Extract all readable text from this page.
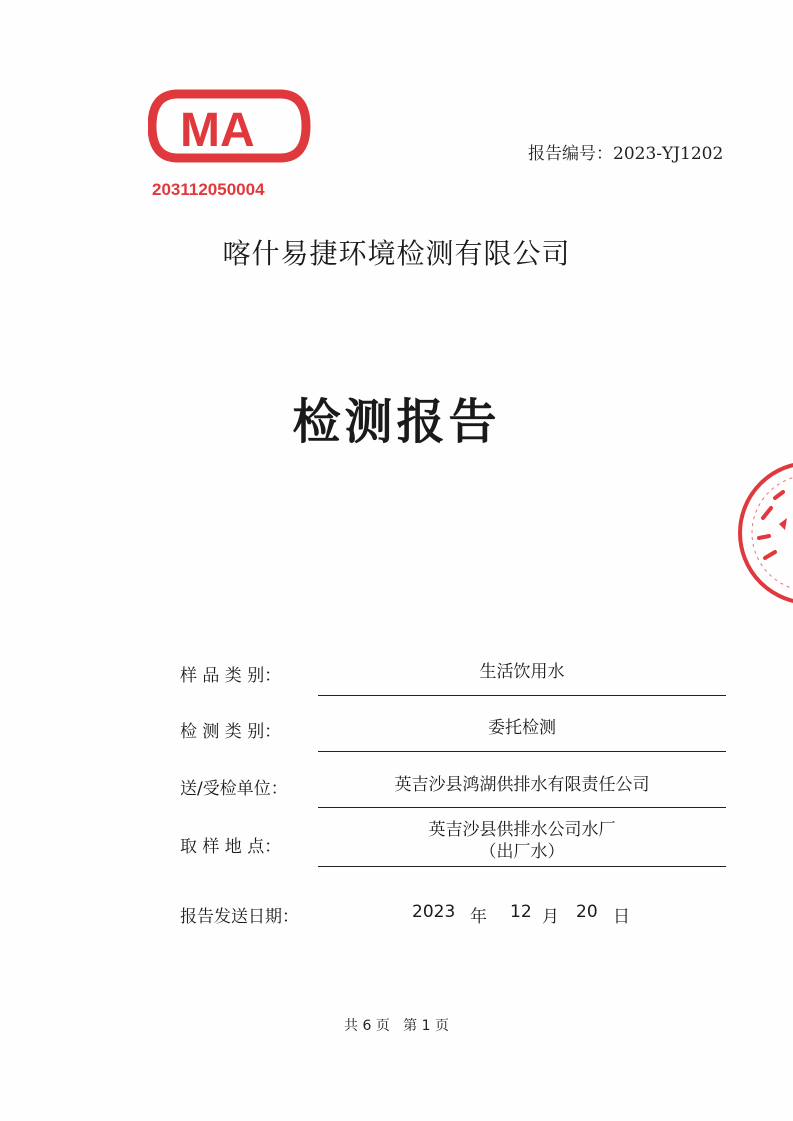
MA
203112050004
报告编号：2023-YJ1202
喀什易捷环境检测有限公司
检测报告
样 品 类 别：	生活饮用水
检 测 类 别：	委托检测
送/受检单位：	英吉沙县鸿湖供排水有限责任公司
取 样 地 点：
英吉沙县供排水公司水厂
（出厂水）
报告发送日期：	2023 年 12 月 20 日
共 6 页   第 1 页
